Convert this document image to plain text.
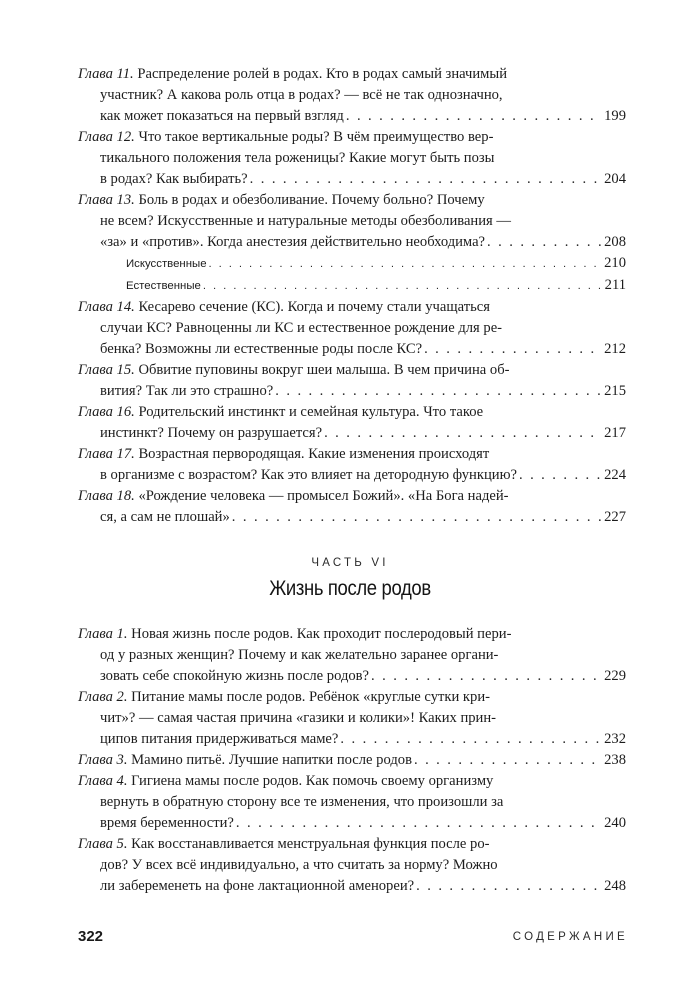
Глава 11. Распределение ролей в родах. Кто в родах самый значимый
участник? А какова роль отца в родах? — всё не так однозначно,
как может показаться на первый взгляд . . .	199
Глава 12. Что такое вертикальные роды? В чём преимущество вер-
тикального положения тела роженицы? Какие могут быть позы
в родах? Как выбирать? . . .	204
Глава 13. Боль в родах и обезболивание. Почему больно? Почему
не всем? Искусственные и натуральные методы обезболивания —
«за» и «против». Когда анестезия действительно необходима? . . .	208
Искусственные . . .	210
Естественные . . .	211
Глава 14. Кесарево сечение (КС). Когда и почему стали учащаться
случаи КС? Равноценны ли КС и естественное рождение для ре-
бенка? Возможны ли естественные роды после КС? . . .	212
Глава 15. Обвитие пуповины вокруг шеи малыша. В чем причина об-
вития? Так ли это страшно? . . .	215
Глава 16. Родительский инстинкт и семейная культура. Что такое
инстинкт? Почему он разрушается? . . .	217
Глава 17. Возрастная первородящая. Какие изменения происходят
в организме с возрастом? Как это влияет на детородную функцию? . . .	224
Глава 18. «Рождение человека — промысел Божий». «На Бога надей-
ся, а сам не плошай» . . .	227
ЧАСТЬ VI
Жизнь после родов
Глава 1. Новая жизнь после родов. Как проходит послеродовый пери-
од у разных женщин? Почему и как желательно заранее органи-
зовать себе спокойную жизнь после родов? . . .	229
Глава 2. Питание мамы после родов. Ребёнок «круглые сутки кри-
чит»? — самая частая причина «газики и колики»! Каких прин-
ципов питания придерживаться маме? . . .	232
Глава 3. Мамино питьё. Лучшие напитки после родов . . .	238
Глава 4. Гигиена мамы после родов. Как помочь своему организму
вернуть в обратную сторону все те изменения, что произошли за
время беременности? . . .	240
Глава 5. Как восстанавливается менструальная функция после ро-
дов? У всех всё индивидуально, а что считать за норму? Можно
ли забеременеть на фоне лактационной аменореи? . . .	248
322	СОДЕРЖАНИЕ
